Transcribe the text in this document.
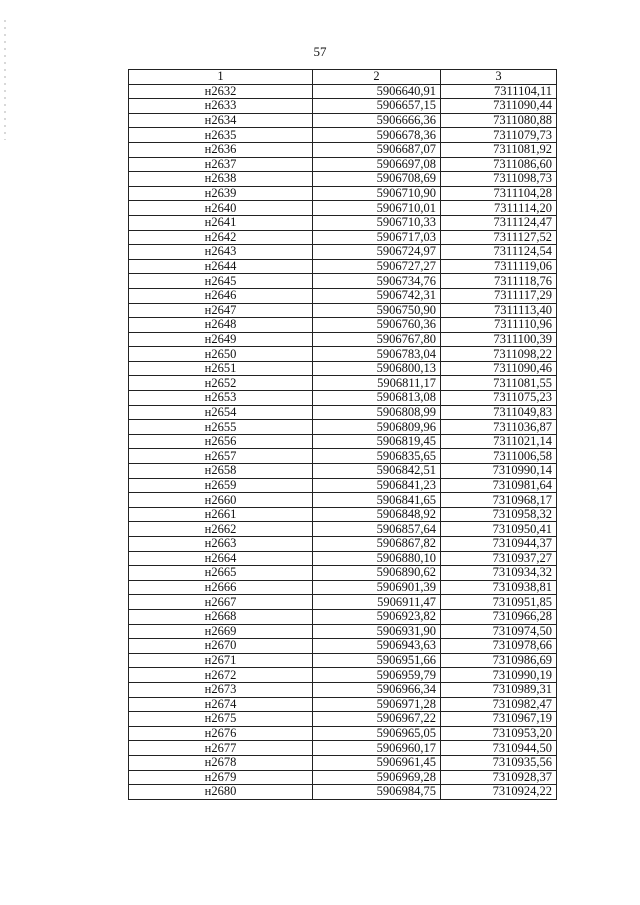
57
1	2	3
н2632	5906640,91	7311104,11
н2633	5906657,15	7311090,44
н2634	5906666,36	7311080,88
н2635	5906678,36	7311079,73
н2636	5906687,07	7311081,92
н2637	5906697,08	7311086,60
н2638	5906708,69	7311098,73
н2639	5906710,90	7311104,28
н2640	5906710,01	7311114,20
н2641	5906710,33	7311124,47
н2642	5906717,03	7311127,52
н2643	5906724,97	7311124,54
н2644	5906727,27	7311119,06
н2645	5906734,76	7311118,76
н2646	5906742,31	7311117,29
н2647	5906750,90	7311113,40
н2648	5906760,36	7311110,96
н2649	5906767,80	7311100,39
н2650	5906783,04	7311098,22
н2651	5906800,13	7311090,46
н2652	5906811,17	7311081,55
н2653	5906813,08	7311075,23
н2654	5906808,99	7311049,83
н2655	5906809,96	7311036,87
н2656	5906819,45	7311021,14
н2657	5906835,65	7311006,58
н2658	5906842,51	7310990,14
н2659	5906841,23	7310981,64
н2660	5906841,65	7310968,17
н2661	5906848,92	7310958,32
н2662	5906857,64	7310950,41
н2663	5906867,82	7310944,37
н2664	5906880,10	7310937,27
н2665	5906890,62	7310934,32
н2666	5906901,39	7310938,81
н2667	5906911,47	7310951,85
н2668	5906923,82	7310966,28
н2669	5906931,90	7310974,50
н2670	5906943,63	7310978,66
н2671	5906951,66	7310986,69
н2672	5906959,79	7310990,19
н2673	5906966,34	7310989,31
н2674	5906971,28	7310982,47
н2675	5906967,22	7310967,19
н2676	5906965,05	7310953,20
н2677	5906960,17	7310944,50
н2678	5906961,45	7310935,56
н2679	5906969,28	7310928,37
н2680	5906984,75	7310924,22
